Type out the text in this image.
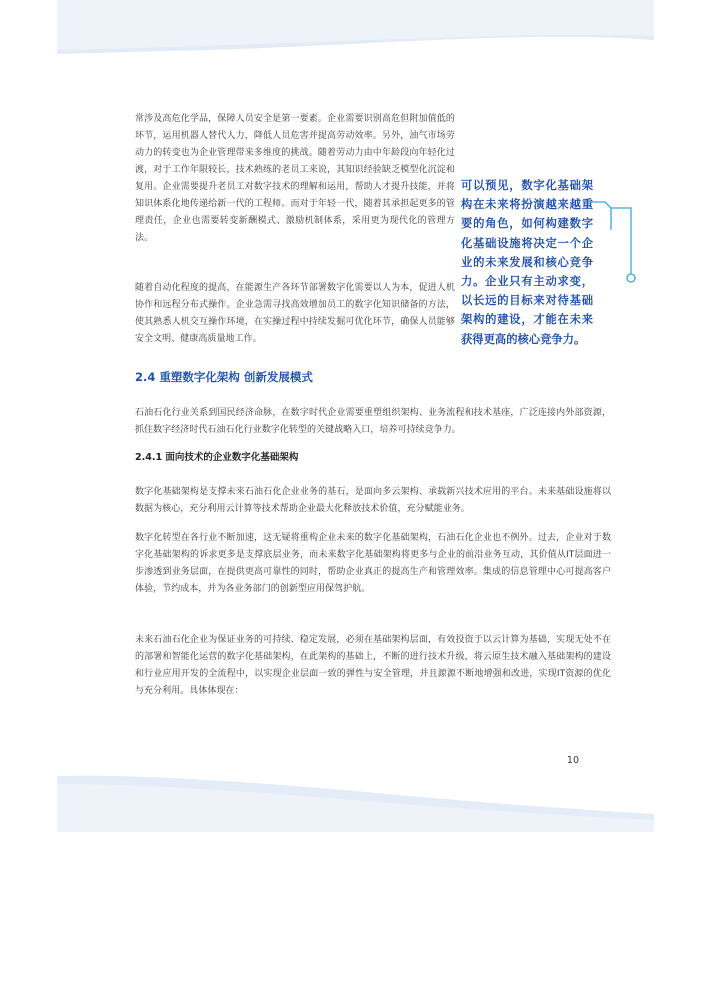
常涉及高危化学品，保障人员安全是第一要素。企业需要识别高危但附加值低的环节，运用机器人替代人力，降低人员危害并提高劳动效率。另外，油气市场劳动力的转变也为企业管理带来多维度的挑战。随着劳动力由中年龄段向年轻化过渡，对于工作年限较长，技术熟练的老员工来说，其知识经验缺乏模型化沉淀和复用。企业需要提升老员工对数字技术的理解和运用，帮助人才提升技能，并将知识体系化地传递给新一代的工程师。而对于年轻一代，随着其承担起更多的管理责任，企业也需要转变新酬模式、激励机制体系，采用更为现代化的管理方法。

随着自动化程度的提高，在能源生产各环节部署数字化需要以人为本，促进人机协作和远程分布式操作。企业急需寻找高效增加员工的数字化知识储备的方法，使其熟悉人机交互操作环境，在实操过程中持续发掘可优化环节，确保人员能够安全文明、健康高质量地工作。

可以预见，数字化基础架构在未来将扮演越来越重要的角色，如何构建数字化基础设施将决定一个企业的未来发展和核心竞争力。企业只有主动求变，以长远的目标来对待基础架构的建设，才能在未来获得更高的核心竞争力。
2.4 重塑数字化架构 创新发展模式

石油石化行业关系到国民经济命脉，在数字时代企业需要重塑组织架构、业务流程和技术基座，广泛连接内外部资源，抓住数字经济时代石油石化行业数字化转型的关键战略入口，培养可持续竞争力。

2.4.1 面向技术的企业数字化基础架构

数字化基础架构是支撑未来石油石化企业业务的基石，是面向多云架构、承载新兴技术应用的平台。未来基础设施将以数据为核心，充分利用云计算等技术帮助企业最大化释放技术价值，充分赋能业务。

数字化转型在各行业不断加速，这无疑将重构企业未来的数字化基础架构，石油石化企业也不例外。过去，企业对于数字化基础架构的诉求更多是支撑底层业务，而未来数字化基础架构将更多与企业的前沿业务互动，其价值从IT层面进一步渗透到业务层面，在提供更高可靠性的同时，帮助企业真正的提高生产和管理效率。集成的信息管理中心可提高客户体验，节约成本，并为各业务部门的创新型应用保驾护航。

未来石油石化企业为保证业务的可持续、稳定发展，必须在基础架构层面，有效投资于以云计算为基础，实现无处不在的部署和智能化运营的数字化基础架构，在此架构的基础上，不断的进行技术升级，将云原生技术融入基础架构的建设和行业应用开发的全流程中，以实现企业层面一致的弹性与安全管理，并且源源不断地增强和改进，实现IT资源的优化与充分利用。具体体现在：

10
